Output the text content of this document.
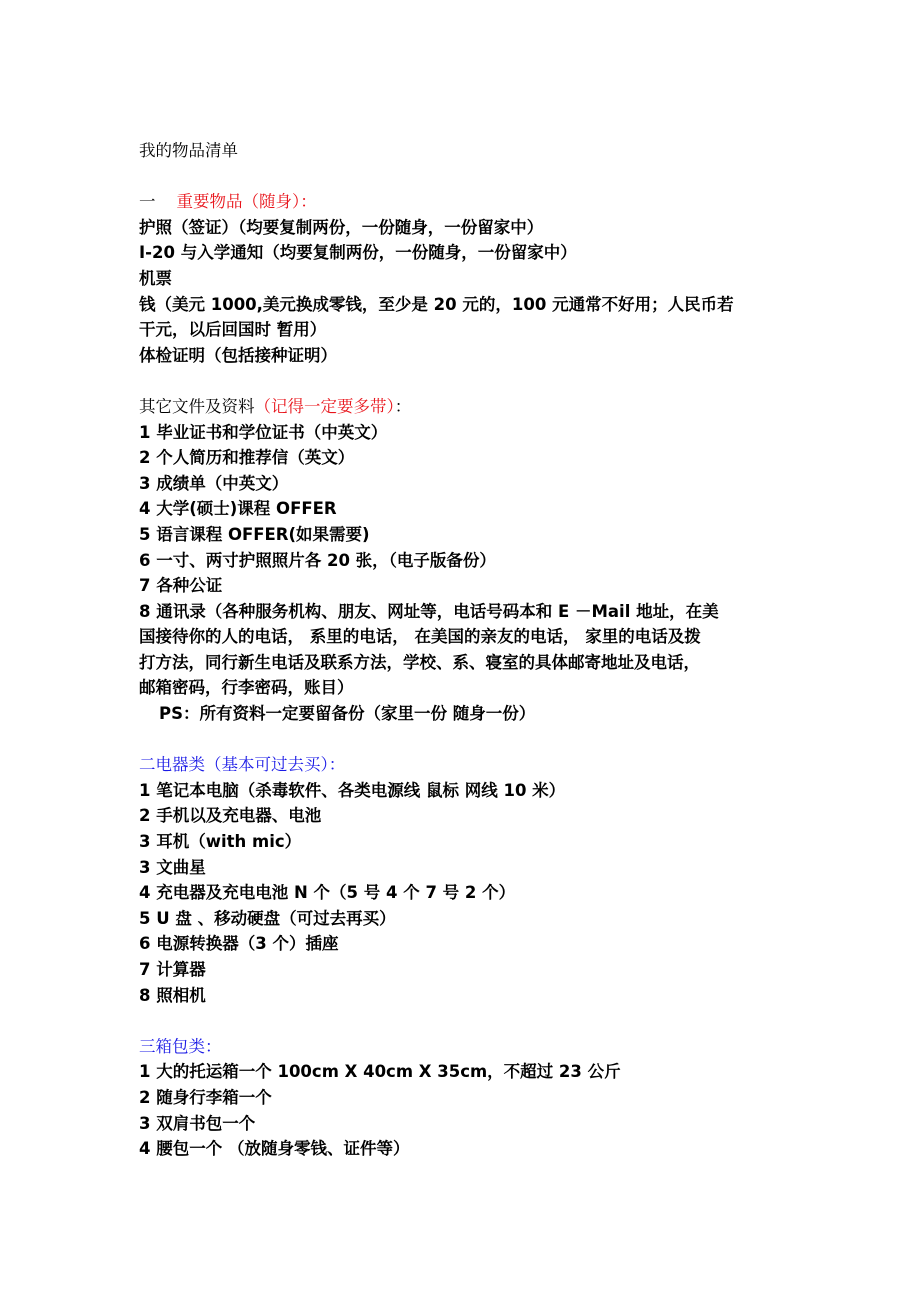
我的物品清单
一 重要物品（随身）：
护照（签证）（均要复制两份，一份随身，一份留家中）
I-20 与入学通知（均要复制两份，一份随身，一份留家中）
机票
钱（美元 1000,美元换成零钱，至少是 20 元的，100 元通常不好用；人民币若
干元，以后回国时 暂用）
体检证明（包括接种证明）
其它文件及资料（记得一定要多带）：
1 毕业证书和学位证书（中英文）
2 个人简历和推荐信（英文）
3 成绩单（中英文）
4 大学(硕士)课程 OFFER
5 语言课程 OFFER(如果需要)
6 一寸、两寸护照照片各 20 张，（电子版备份）
7 各种公证
8 通讯录（各种服务机构、朋友、网址等，电话号码本和 E －Mail 地址，在美
国接待你的人的电话， 系里的电话， 在美国的亲友的电话， 家里的电话及拨
打方法，同行新生电话及联系方法，学校、系、寝室的具体邮寄地址及电话，
邮箱密码，行李密码，账目）
PS：所有资料一定要留备份（家里一份 随身一份）
二电器类（基本可过去买）：
1 笔记本电脑（杀毒软件、各类电源线 鼠标 网线 10 米）
2 手机以及充电器、电池
3 耳机（with mic）
3 文曲星
4 充电器及充电电池 N 个（5 号 4 个 7 号 2 个）
5 U 盘 、移动硬盘（可过去再买）
6 电源转换器（3 个）插座
7 计算器
8 照相机
三箱包类：
1 大的托运箱一个 100cm X 40cm X 35cm，不超过 23 公斤
2 随身行李箱一个
3 双肩书包一个
4 腰包一个 （放随身零钱、证件等）
